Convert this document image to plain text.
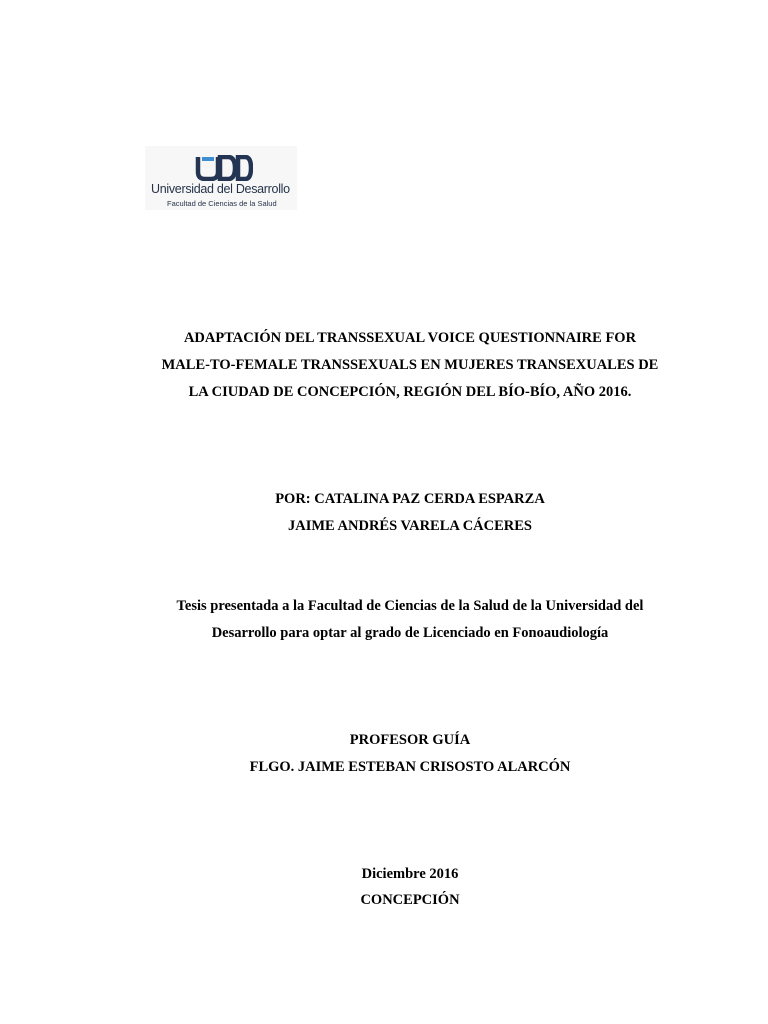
Universidad del Desarrollo
Facultad de Ciencias de la Salud
ADAPTACIÓN DEL TRANSSEXUAL VOICE QUESTIONNAIRE FOR
MALE-TO-FEMALE TRANSSEXUALS EN MUJERES TRANSEXUALES DE
LA CIUDAD DE CONCEPCIÓN, REGIÓN DEL BÍO-BÍO, AÑO 2016.
POR: CATALINA PAZ CERDA ESPARZA
JAIME ANDRÉS VARELA CÁCERES
Tesis presentada a la Facultad de Ciencias de la Salud de la Universidad del
Desarrollo para optar al grado de Licenciado en Fonoaudiología
PROFESOR GUÍA
FLGO. JAIME ESTEBAN CRISOSTO ALARCÓN
Diciembre 2016
CONCEPCIÓN
